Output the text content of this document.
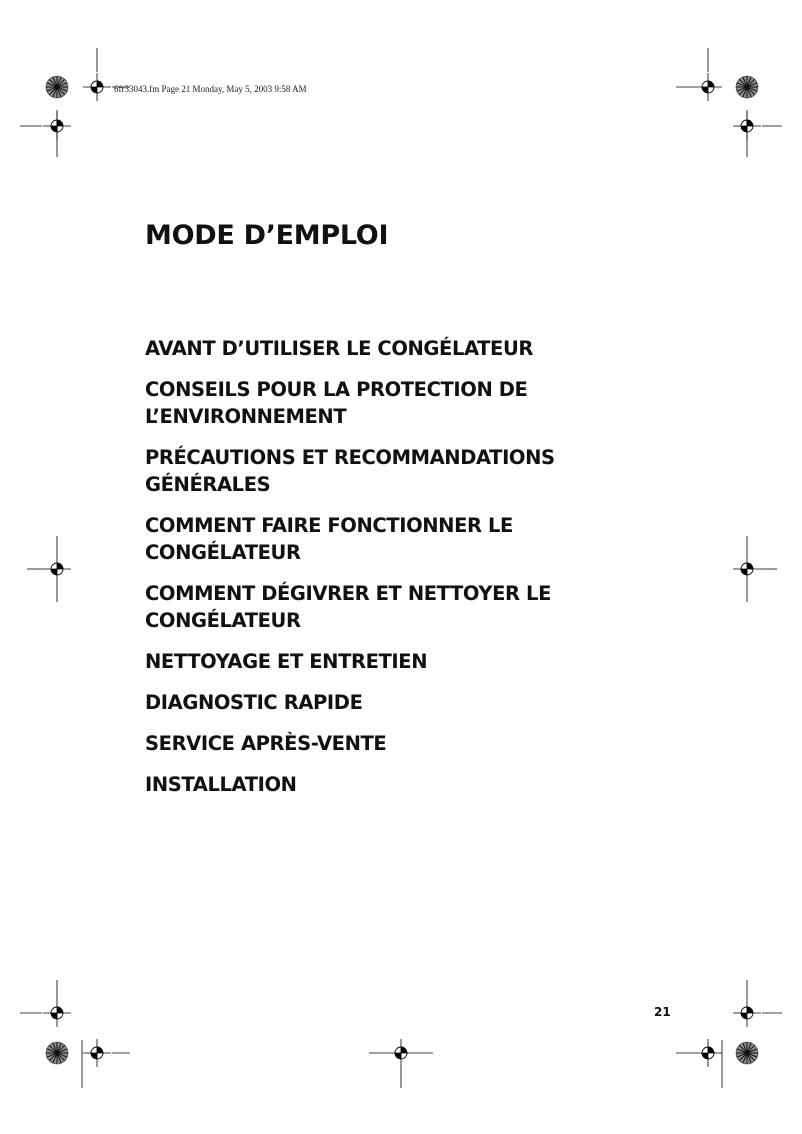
6fr33043.fm Page 21 Monday, May 5, 2003 9:58 AM
MODE D’EMPLOI
AVANT D’UTILISER LE CONGÉLATEUR
CONSEILS POUR LA PROTECTION DE
L’ENVIRONNEMENT
PRÉCAUTIONS ET RECOMMANDATIONS
GÉNÉRALES
COMMENT FAIRE FONCTIONNER LE
CONGÉLATEUR
COMMENT DÉGIVRER ET NETTOYER LE
CONGÉLATEUR
NETTOYAGE ET ENTRETIEN
DIAGNOSTIC RAPIDE
SERVICE APRÈS-VENTE
INSTALLATION
21
